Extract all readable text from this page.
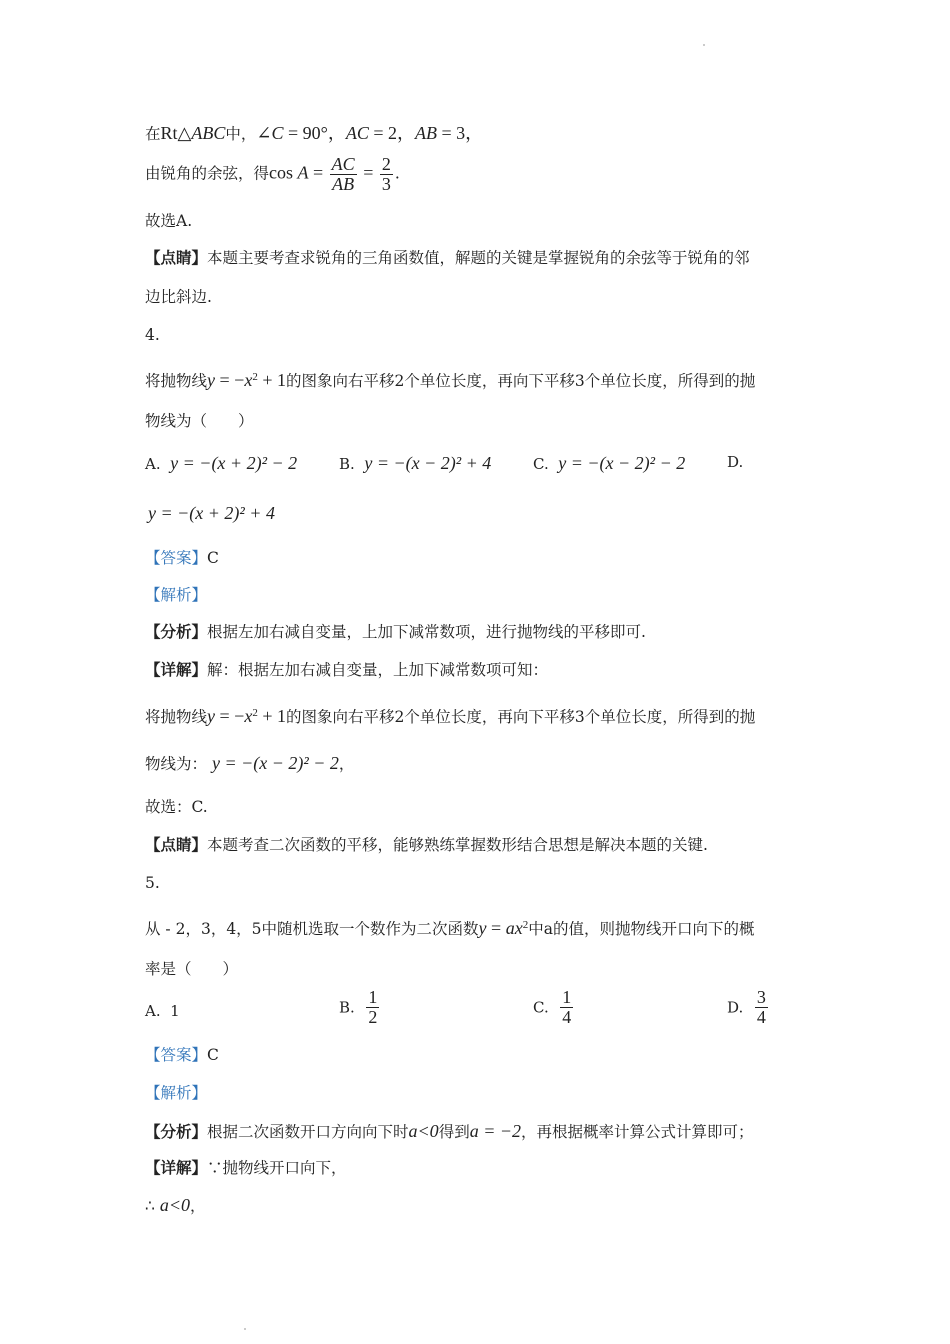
在Rt△ABC中，∠C = 90°，AC = 2，AB = 3，
由锐角的余弦，得$\cos A = \frac{AC}{AB} = \frac{2}{3}$ .
故选A.
【点睛】本题主要考查求锐角的三角函数值，解题的关键是掌握锐角的余弦等于锐角的邻
边比斜边.
4.
将抛物线$y = -x^2 + 1$的图象向右平移2个单位长度，再向下平移3个单位长度，所得到的抛
物线为（　　）
A. y = −(x + 2)² − 2	B. y = −(x − 2)² + 4	C. y = −(x − 2)² − 2	D.
y = −(x + 2)² + 4
【答案】C
【解析】
【分析】根据左加右减自变量，上加下减常数项，进行抛物线的平移即可.
【详解】解：根据左加右减自变量，上加下减常数项可知：
将抛物线$y = -x^2 + 1$的图象向右平移2个单位长度，再向下平移3个单位长度，所得到的抛
物线为： y = −(x − 2)² − 2，
故选：C.
【点睛】本题考查二次函数的平移，能够熟练掌握数形结合思想是解决本题的关键.
5.
从 - 2，3，4，5中随机选取一个数作为二次函数$y = ax^2$中a的值，则抛物线开口向下的概
率是（　　）
A. 1	B. $\frac{1}{2}$	C. $\frac{1}{4}$	D. $\frac{3}{4}$
【答案】C
【解析】
【分析】根据二次函数开口方向向下时a<0得到a = −2，再根据概率计算公式计算即可；
【详解】∵抛物线开口向下，
∴ a<0，
